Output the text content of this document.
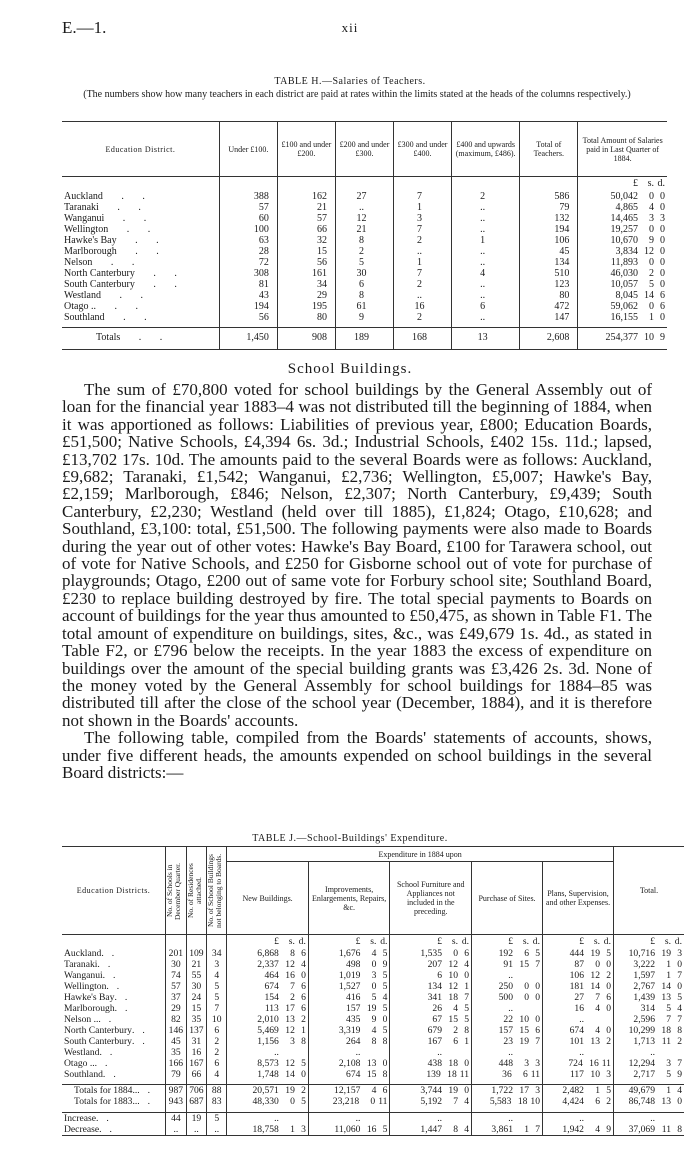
E.—1.	xii
TABLE H.—Salaries of Teachers.
(The numbers show how many teachers in each district are paid at rates within the limits stated at the heads of the columns respectively.)
Education District.	Under £100.	£100 and under £200.	£200 and under £300.	£300 and under £400.	£400 and upwards (maximum, £486).	Total of Teachers.	Total Amount of Salaries paid in Last Quarter of 1884.

							£ s. d.

Auckland . .	388	162	27	7	2	586	50,042 0 0

Taranaki . .	57	21	..	1	..	79	4,865 4 0

Wanganui . .	60	57	12	3	..	132	14,465 3 3

Wellington . .	100	66	21	7	..	194	19,257 0 0

Hawke's Bay . .	63	32	8	2	1	106	10,670 9 0

Marlborough . .	28	15	2	..	..	45	3,834 12 0

Nelson . .	72	56	5	1	..	134	11,893 0 0

North Canterbury . .	308	161	30	7	4	510	46,030 2 0

South Canterbury . .	81	34	6	2	..	123	10,057 5 0

Westland . .	43	29	8	..	..	80	8,045 14 6

Otago .. . .	194	195	61	16	6	472	59,062 0 6

Southland . .	56	80	9	2	..	147	16,155 1 0

Totals . .	1,450	908	189	168	13	2,608	254,377 10 9
School Buildings.

The sum of £70,800 voted for school buildings by the General Assembly out of loan for the financial year 1883–4 was not distributed till the beginning of 1884, when it was apportioned as follows: Liabilities of previous year, £800; Education Boards, £51,500; Native Schools, £4,394 6s. 3d.; Industrial Schools, £402 15s. 11d.; lapsed, £13,702 17s. 10d. The amounts paid to the several Boards were as follows: Auckland, £9,682; Taranaki, £1,542; Wanganui, £2,736; Wellington, £5,007; Hawke's Bay, £2,159; Marlborough, £846; Nelson, £2,307; North Canterbury, £9,439; South Canterbury, £2,230; Westland (held over till 1885), £1,824; Otago, £10,628; and Southland, £3,100: total, £51,500. The following payments were also made to Boards during the year out of other votes: Hawke's Bay Board, £100 for Tarawera school, out of vote for Native Schools, and £250 for Gisborne school out of vote for purchase of playgrounds; Otago, £200 out of same vote for Forbury school site; Southland Board, £230 to replace building destroyed by fire. The total special payments to Boards on account of buildings for the year thus amounted to £50,475, as shown in Table F1. The total amount of expenditure on buildings, sites, &c., was £49,679 1s. 4d., as stated in Table F2, or £796 below the receipts. In the year 1883 the excess of expenditure on buildings over the amount of the special building grants was £3,426 2s. 3d. None of the money voted by the General Assembly for school buildings for 1884–85 was distributed till after the close of the school year (December, 1884), and it is therefore not shown in the Boards' accounts.

The following table, compiled from the Boards' statements of accounts, shows, under five different heads, the amounts expended on school buildings in the several Board districts:—

TABLE J.—School-Buildings' Expenditure.
Education Districts.	No. of Schools in December Quarter.	No. of Residences attached.	No. of School Buildings not belonging to Boards.	Expenditure in 1884 upon					Total.
				New Buildings.	Improvements, Enlargements, Repairs, &c.	School Furniture and Appliances not included in the preceding.	Purchase of Sites.	Plans, Supervision, and other Expenses.	

				£ s. d.	£ s. d.	£ s. d.	£ s. d.	£ s. d.	£ s. d.

Auckland..	201	109	34	6,868 8 6	1,676 4 5	1,535 0 6	192 6 5	444 19 5	10,716 19 3

Taranaki..	30	21	3	2,337 12 4	498 0 9	207 12 4	91 15 7	87 0 0	3,222 1 0

Wanganui..	74	55	4	464 16 0	1,019 3 5	6 10 0	..	106 12 2	1,597 1 7

Wellington..	57	30	5	674 7 6	1,527 0 5	134 12 1	250 0 0	181 14 0	2,767 14 0

Hawke's Bay..	37	24	5	154 2 6	416 5 4	341 18 7	500 0 0	27 7 6	1,439 13 5

Marlborough..	29	15	7	113 17 6	157 19 5	26 4 5	..	16 4 0	314 5 4

Nelson ....	82	35	10	2,010 13 2	435 9 0	67 15 5	22 10 0	..	2,596 7 7

North Canterbury..	146	137	6	5,469 12 1	3,319 4 5	679 2 8	157 15 6	674 4 0	10,299 18 8

South Canterbury..	45	31	2	1,156 3 8	264 8 8	167 6 1	23 19 7	101 13 2	1,713 11 2

Westland..	35	16	2	..	..	..	..	..	..

Otago ....	166	167	6	8,573 12 5	2,108 13 0	438 18 0	448 3 3	724 16 11	12,294 3 7

Southland..	79	66	4	1,748 14 0	674 15 8	139 18 11	36 6 11	117 10 3	2,717 5 9

Totals for 1884....	987	706	88	20,571 19 2	12,157 4 6	3,744 19 0	1,722 17 3	2,482 1 5	49,679 1 4

Totals for 1883....	943	687	83	48,330 0 5	23,218 0 11	5,192 7 4	5,583 18 10	4,424 6 2	86,748 13 0

Increase..	44	19	5	..	..	..	..	..	..

Decrease..	..	..	..	18,758 1 3	11,060 16 5	1,447 8 4	3,861 1 7	1,942 4 9	37,069 11 8
